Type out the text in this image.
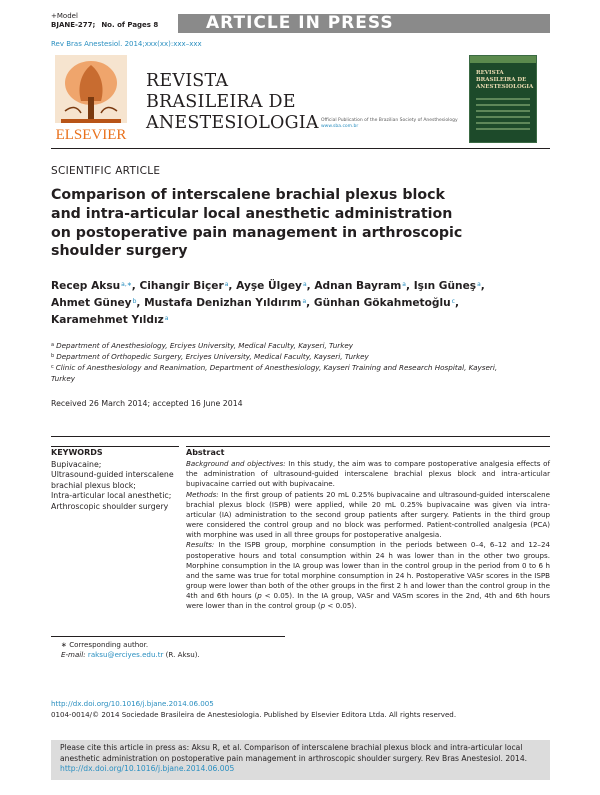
+Model
BJANE-277; No. of Pages 8	ARTICLE IN PRESS
Rev Bras Anestesiol. 2014;xxx(xx):xxx–xxx
ELSEVIER
REVISTA
BRASILEIRA DE
ANESTESIOLOGIA Official Publication of the Brazilian Society of Anesthesiology
www.sba.com.br
REVISTA
BRASILEIRA DE
ANESTESIOLOGIA
SCIENTIFIC ARTICLE
Comparison of interscalene brachial plexus block and intra-articular local anesthetic administration on postoperative pain management in arthroscopic shoulder surgery
Recep Aksu$^{a,∗}$, Cihangir Biçer$^a$, Ayşe Ülgey$^a$, Adnan Bayram$^a$, Işın Güneş$^a$, Ahmet Güney$^b$, Mustafa Denizhan Yıldırım$^a$, Günhan Gökahmetoğlu$^c$, Karamehmet Yıldız$^a$

$^a$ Department of Anesthesiology, Erciyes University, Medical Faculty, Kayseri, Turkey

$^b$ Department of Orthopedic Surgery, Erciyes University, Medical Faculty, Kayseri, Turkey

$^c$ Clinic of Anesthesiology and Reanimation, Department of Anesthesiology, Kayseri Training and Research Hospital, Kayseri, Turkey

Received 26 March 2014; accepted 16 June 2014
KEYWORDS
Bupivacaine;
Ultrasound-guided interscalene brachial plexus block;
Intra-articular local anesthetic;
Arthroscopic shoulder surgery
Abstract

Background and objectives: In this study, the aim was to compare postoperative analgesia effects of the administration of ultrasound-guided interscalene brachial plexus block and intra-articular bupivacaine carried out with bupivacaine.

Methods: In the first group of patients 20 mL 0.25% bupivacaine and ultrasound-guided interscalene brachial plexus block (ISPB) were applied, while 20 mL 0.25% bupivacaine was given via intra-articular (IA) administration to the second group patients after surgery. Patients in the third group were considered the control group and no block was performed. Patient-controlled analgesia (PCA) with morphine was used in all three groups for postoperative analgesia.

Results: In the ISPB group, morphine consumption in the periods between 0–4, 6–12 and 12–24 postoperative hours and total consumption within 24 h was lower than in the other two groups. Morphine consumption in the IA group was lower than in the control group in the period from 0 to 6 h and the same was true for total morphine consumption in 24 h. Postoperative VASr scores in the ISPB group were lower than both of the other groups in the first 2 h and lower than the control group in the 4th and 6th hours (p < 0.05). In the IA group, VASr and VASm scores in the 2nd, 4th and 6th hours were lower than in the control group (p < 0.05).

∗ Corresponding author.
E-mail: raksu@erciyes.edu.tr (R. Aksu).
http://dx.doi.org/10.1016/j.bjane.2014.06.005
0104-0014/© 2014 Sociedade Brasileira de Anestesiologia. Published by Elsevier Editora Ltda. All rights reserved.
Please cite this article in press as: Aksu R, et al. Comparison of interscalene brachial plexus block and intra-articular local anesthetic administration on postoperative pain management in arthroscopic shoulder surgery. Rev Bras Anestesiol. 2014. http://dx.doi.org/10.1016/j.bjane.2014.06.005
